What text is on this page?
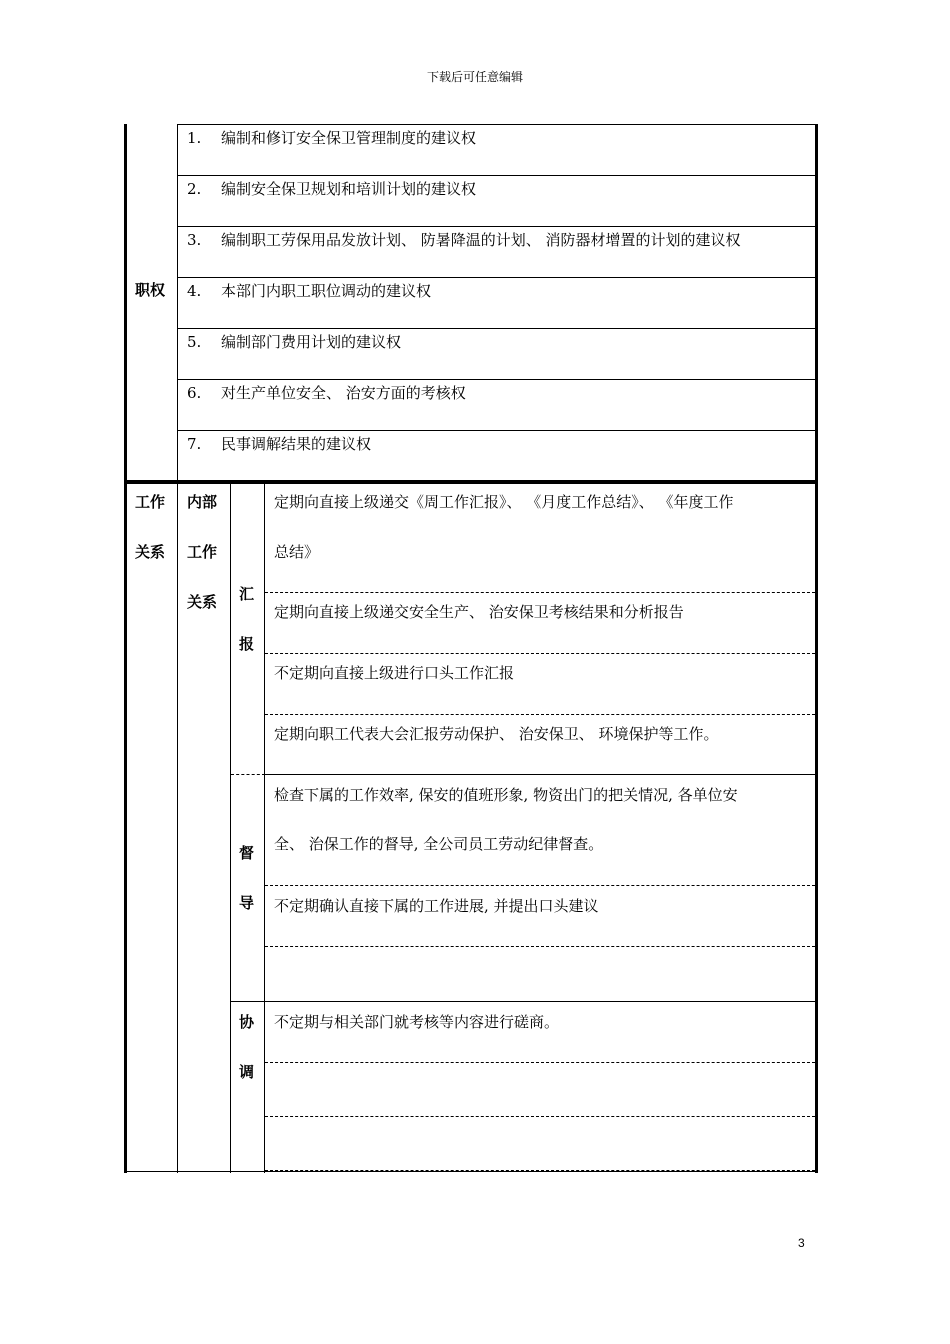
下载后可任意编辑
职权
1. 编制和修订安全保卫管理制度的建议权
2. 编制安全保卫规划和培训计划的建议权
3. 编制职工劳保用品发放计划、 防暑降温的计划、 消防器材增置的计划的建议权
4. 本部门内职工职位调动的建议权
5. 编制部门费用计划的建议权
6. 对生产单位安全、 治安方面的考核权
7. 民事调解结果的建议权
工作
关系
内部
工作
关系 汇
报
督
导
协
调
定期向直接上级递交《周工作汇报》、 《月度工作总结》、 《年度工作
总结》
定期向直接上级递交安全生产、 治安保卫考核结果和分析报告
不定期向直接上级进行口头工作汇报
定期向职工代表大会汇报劳动保护、 治安保卫、 环境保护等工作。
检查下属的工作效率, 保安的值班形象, 物资出门的把关情况, 各单位安
全、 治保工作的督导, 全公司员工劳动纪律督查。
不定期确认直接下属的工作进展, 并提出口头建议
不定期与相关部门就考核等内容进行磋商。
3
